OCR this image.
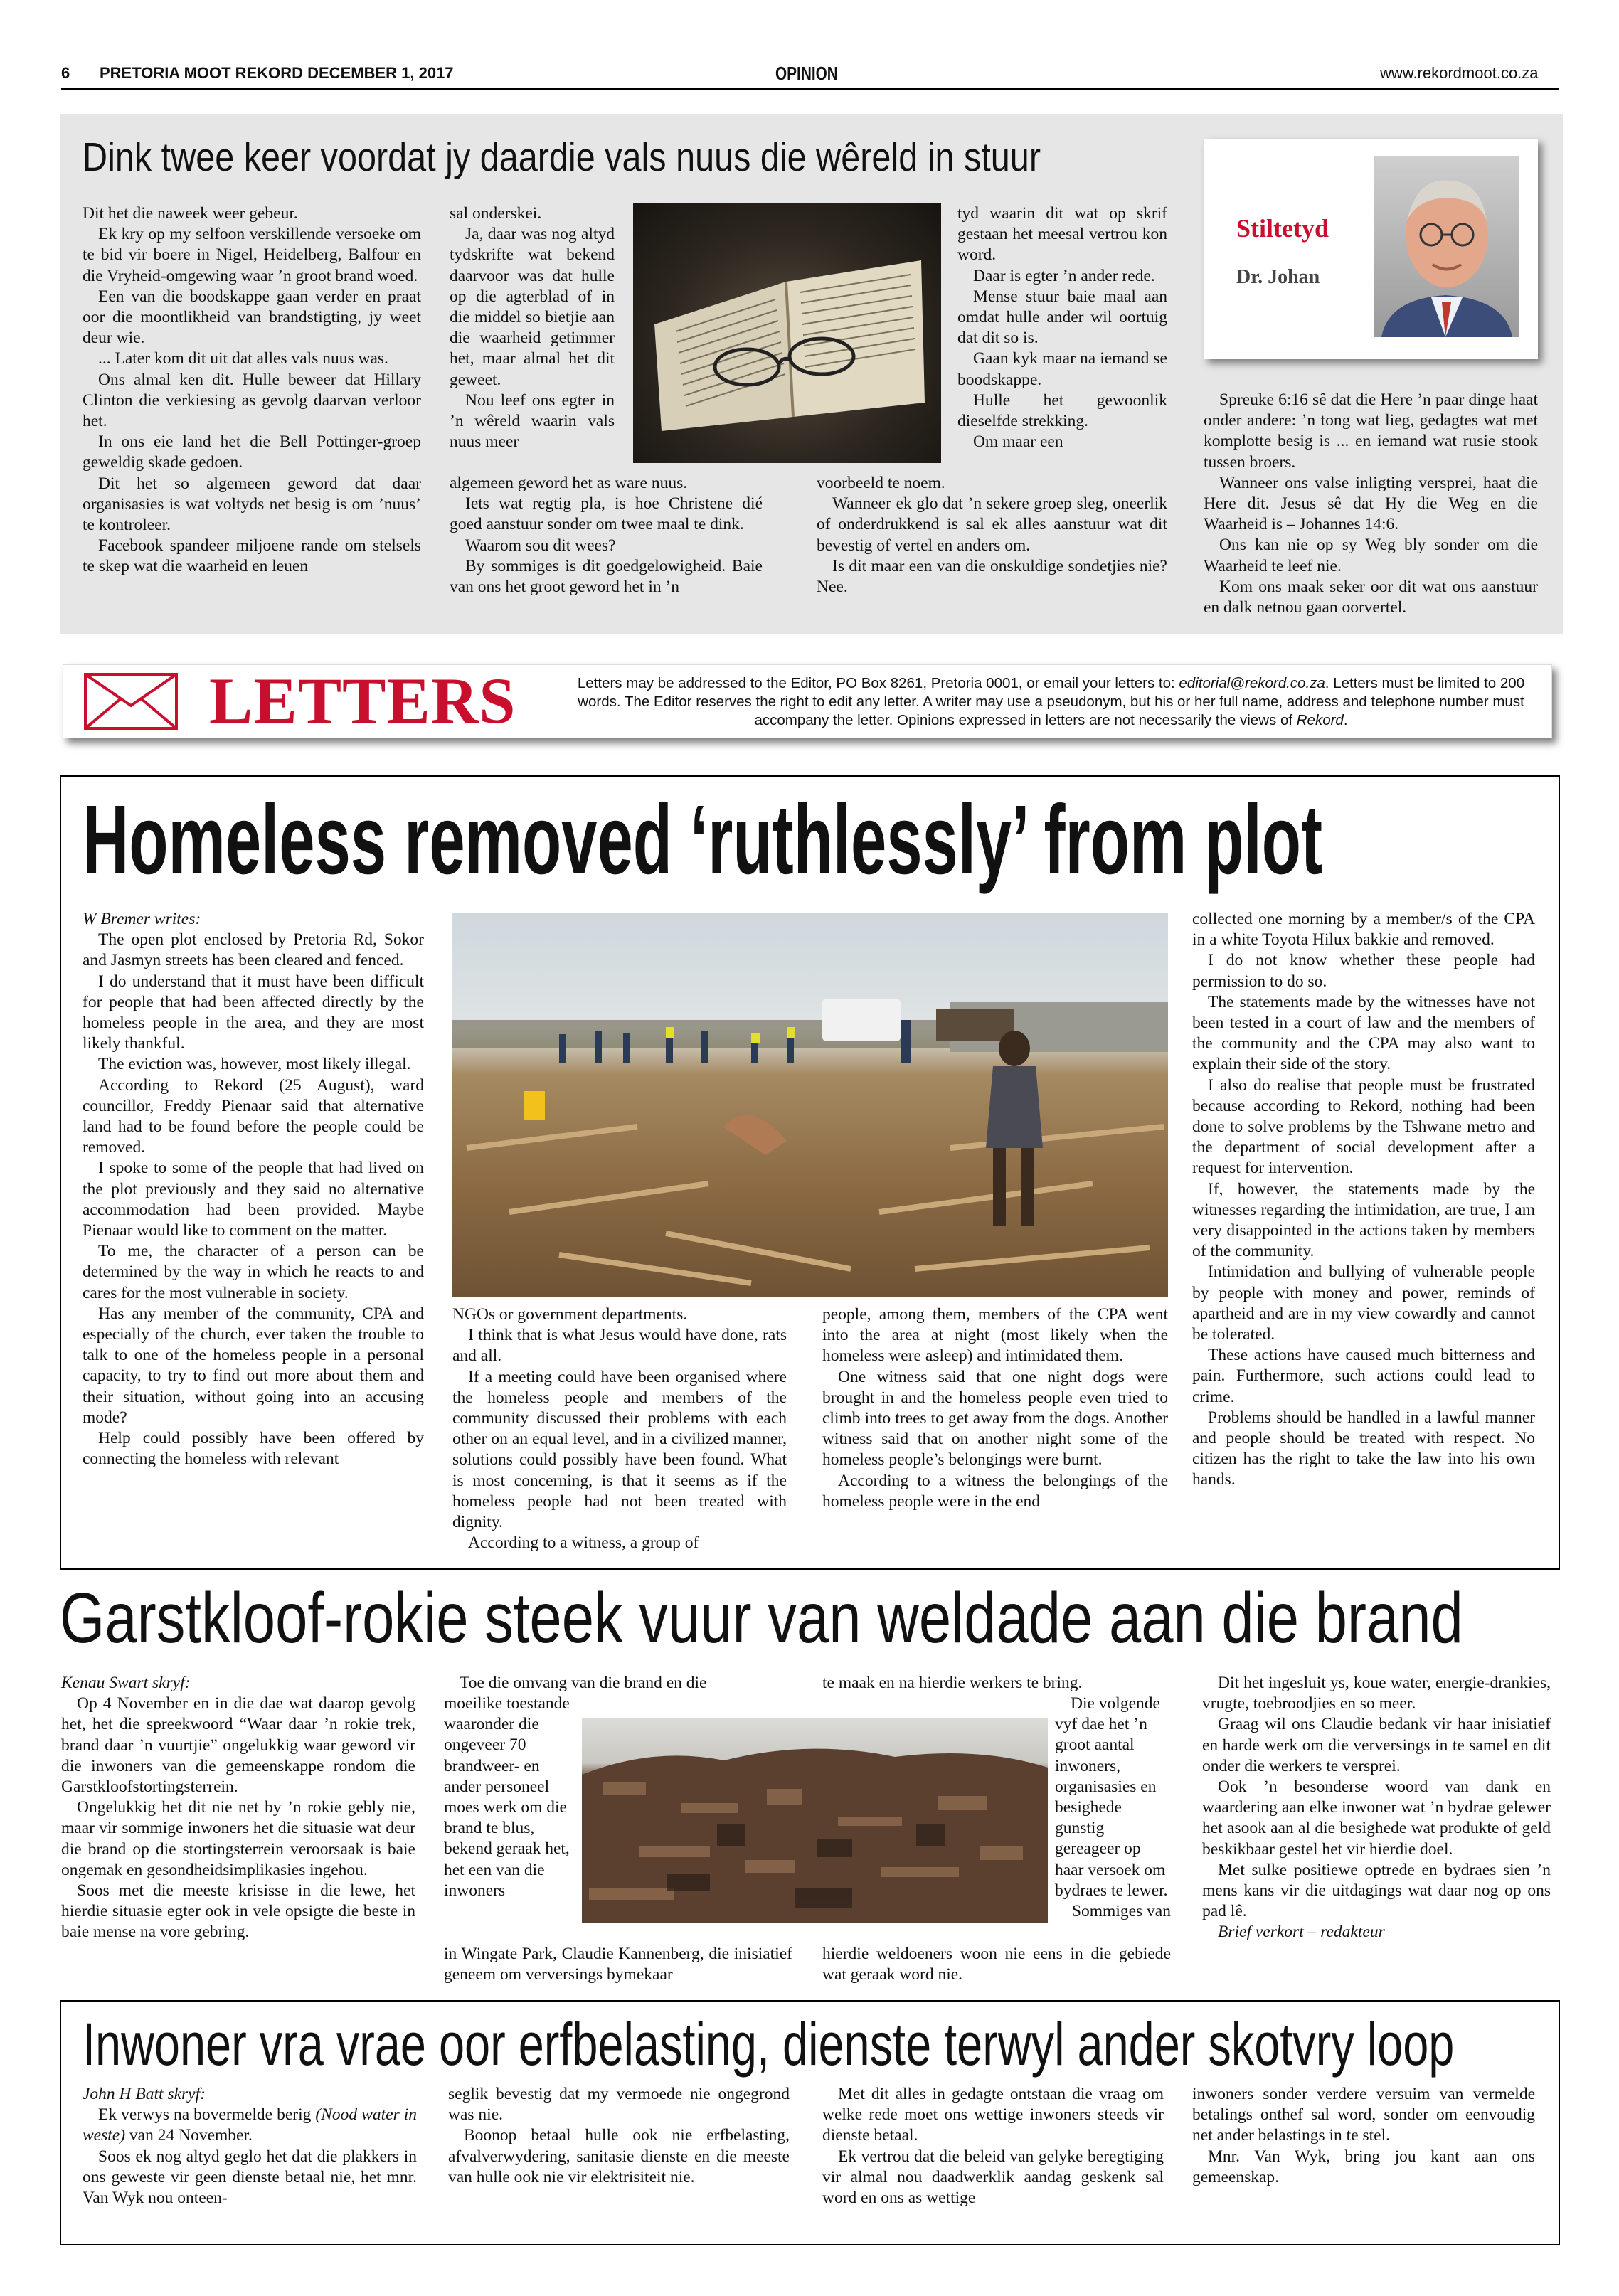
6 PRETORIA MOOT REKORD DECEMBER 1, 2017	OPINION	www.rekordmoot.co.za
Dink twee keer voordat jy daardie vals nuus die wêreld in stuur

Dit het die naweek weer gebeur.

Ek kry op my selfoon verskillende versoeke om te bid vir boere in Nigel, Heidelberg, Balfour en die Vryheid-omgewing waar ’n groot brand woed.

Een van die boodskappe gaan verder en praat oor die moontlikheid van brandstigting, jy weet deur wie.

... Later kom dit uit dat alles vals nuus was.

Ons almal ken dit. Hulle beweer dat Hillary Clinton die verkiesing as gevolg daarvan verloor het.

In ons eie land het die Bell Pottinger-groep geweldig skade gedoen.

Dit het so algemeen geword dat daar organisasies is wat voltyds net besig is om ’nuus’ te kontroleer.

Facebook spandeer miljoene rande om stelsels te skep wat die waarheid en leuen

sal onderskei.

Ja, daar was nog altyd tydskrifte wat bekend daarvoor was dat hulle op die agterblad of in die middel so bietjie aan die waarheid getimmer het, maar almal het dit geweet.

Nou leef ons egter in ’n wêreld waarin vals nuus meer

algemeen geword het as ware nuus.

Iets wat regtig pla, is hoe Christene dié goed aanstuur sonder om twee maal te dink.

Waarom sou dit wees?

By sommiges is dit goedgelowigheid. Baie van ons het groot geword het in ’n

tyd waarin dit wat op skrif gestaan het meesal vertrou kon word.

Daar is egter ’n ander rede.

Mense stuur baie maal aan omdat hulle ander wil oortuig dat dit so is.

Gaan kyk maar na iemand se boodskappe.

Hulle het gewoonlik dieselfde strekking.

Om maar een

voorbeeld te noem.

Wanneer ek glo dat ’n sekere groep sleg, oneerlik of onderdrukkend is sal ek alles aanstuur wat dit bevestig of vertel en anders om.

Is dit maar een van die onskuldige sondetjies nie? Nee.

Stiltetyd
Dr. Johan

Spreuke 6:16 sê dat die Here ’n paar dinge haat onder andere: ’n tong wat lieg, gedagtes wat met komplotte besig is ... en iemand wat rusie stook tussen broers.

Wanneer ons valse inligting versprei, haat die Here dit. Jesus sê dat Hy die Weg en die Waarheid is – Johannes 14:6.

Ons kan nie op sy Weg bly sonder om die Waarheid te leef nie.

Kom ons maak seker oor dit wat ons aanstuur en dalk netnou gaan oorvertel.

LETTERS	Letters may be addressed to the Editor, PO Box 8261, Pretoria 0001, or email your letters to: editorial@rekord.co.za. Letters must be limited to 200 words. The Editor reserves the right to edit any letter. A writer may use a pseudonym, but his or her full name, address and telephone number must accompany the letter. Opinions expressed in letters are not necessarily the views of Rekord.
Homeless removed ‘ruthlessly’ from plot

W Bremer writes:

The open plot enclosed by Pretoria Rd, Sokor and Jasmyn streets has been cleared and fenced.

I do understand that it must have been difficult for people that had been affected directly by the homeless people in the area, and they are most likely thankful.

The eviction was, however, most likely illegal.

According to Rekord (25 August), ward councillor, Freddy Pienaar said that alternative land had to be found before the people could be removed.

I spoke to some of the people that had lived on the plot previously and they said no alternative accommodation had been provided. Maybe Pienaar would like to comment on the matter.

To me, the character of a person can be determined by the way in which he reacts to and cares for the most vulnerable in society.

Has any member of the community, CPA and especially of the church, ever taken the trouble to talk to one of the homeless people in a personal capacity, to try to find out more about them and their situation, without going into an accusing mode?

Help could possibly have been offered by connecting the homeless with relevant

NGOs or government departments.

I think that is what Jesus would have done, rats and all.

If a meeting could have been organised where the homeless people and members of the community discussed their problems with each other on an equal level, and in a civilized manner, solutions could possibly have been found. What is most concerning, is that it seems as if the homeless people had not been treated with dignity.

According to a witness, a group of

people, among them, members of the CPA went into the area at night (most likely when the homeless were asleep) and intimidated them.

One witness said that one night dogs were brought in and the homeless people even tried to climb into trees to get away from the dogs. Another witness said that on another night some of the homeless people’s belongings were burnt.

According to a witness the belongings of the homeless people were in the end

collected one morning by a member/s of the CPA in a white Toyota Hilux bakkie and removed.

I do not know whether these people had permission to do so.

The statements made by the witnesses have not been tested in a court of law and the members of the community and the CPA may also want to explain their side of the story.

I also do realise that people must be frustrated because according to Rekord, nothing had been done to solve problems by the Tshwane metro and the department of social development after a request for intervention.

If, however, the statements made by the witnesses regarding the intimidation, are true, I am very disappointed in the actions taken by members of the community.

Intimidation and bullying of vulnerable people by people with money and power, reminds of apartheid and are in my view cowardly and cannot be tolerated.

These actions have caused much bitterness and pain. Furthermore, such actions could lead to crime.

Problems should be handled in a lawful manner and people should be treated with respect. No citizen has the right to take the law into his own hands.

Garstkloof-rokie steek vuur van weldade aan die brand

Kenau Swart skryf:

Op 4 November en in die dae wat daarop gevolg het, het die spreekwoord “Waar daar ’n rokie trek, brand daar ’n vuurtjie” ongelukkig waar geword vir die inwoners van die gemeenskappe rondom die Garstkloofstortingsterrein.

Ongelukkig het dit nie net by ’n rokie gebly nie, maar vir sommige inwoners het die situasie wat deur die brand op die stortingsterrein veroorsaak is baie ongemak en gesondheidsimplikasies ingehou.

Soos met die meeste krisisse in die lewe, het hierdie situasie egter ook in vele opsigte die beste in baie mense na vore gebring.

Toe die omvang van die brand en die

moeilike toestande waaronder die ongeveer 70 brandweer- en ander personeel moes werk om die brand te blus, bekend geraak het, het een van die inwoners

in Wingate Park, Claudie Kannenberg, die inisiatief geneem om verversings bymekaar

te maak en na hierdie werkers te bring.

Die volgende vyf dae het ’n groot aantal inwoners, organisasies en besighede gunstig gereageer op haar versoek om bydraes te lewer.

Sommiges van

hierdie weldoeners woon nie eens in die gebiede wat geraak word nie.

Dit het ingesluit ys, koue water, energie-drankies, vrugte, toebroodjies en so meer.

Graag wil ons Claudie bedank vir haar inisiatief en harde werk om die verversings in te samel en dit onder die werkers te versprei.

Ook ’n besonderse woord van dank en waardering aan elke inwoner wat ’n bydrae gelewer het asook aan al die besighede wat produkte of geld beskikbaar gestel het vir hierdie doel.

Met sulke positiewe optrede en bydraes sien ’n mens kans vir die uitdagings wat daar nog op ons pad lê.

Brief verkort – redakteur

Inwoner vra vrae oor erfbelasting, dienste terwyl ander skotvry loop

John H Batt skryf:

Ek verwys na bovermelde berig (Nood water in weste) van 24 November.

Soos ek nog altyd geglo het dat die plakkers in ons geweste vir geen dienste betaal nie, het mnr. Van Wyk nou onteen-

seglik bevestig dat my vermoede nie ongegrond was nie.

Boonop betaal hulle ook nie erfbelasting, afvalverwydering, sanitasie dienste en die meeste van hulle ook nie vir elektrisiteit nie.

Met dit alles in gedagte ontstaan die vraag om welke rede moet ons wettige inwoners steeds vir dienste betaal.

Ek vertrou dat die beleid van gelyke beregtiging vir almal nou daadwerklik aandag geskenk sal word en ons as wettige

inwoners sonder verdere versuim van vermelde betalings onthef sal word, sonder om eenvoudig net ander belastings in te stel.

Mnr. Van Wyk, bring jou kant aan ons gemeenskap.
